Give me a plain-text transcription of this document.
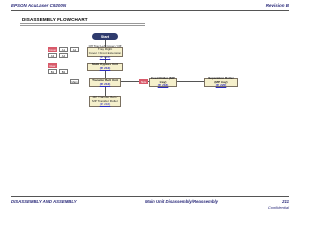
EPSON AcuLaser C9200N	Revision B
DISASSEMBLY FLOWCHART
Start
Off Tray Left Cover / Off Tray Right
Cover / Front Extension
(P. 212)
Cover	A1	A2
A3	A4
Multi Bypass Unit
(P. 213)
Rear
B1	B2
Transfer Belt Unit
(P. 213)
Main
Feed Roller (MP tray)
(P. 218)
Side
Separation Roller (MP tray)
(P. 220)
MP Transfer Belt /
MP Transfer Roller
(P. 216)
DISASSEMBLY AND ASSEMBLY	Main Unit Disassembly/Reassembly	211
Confidential
